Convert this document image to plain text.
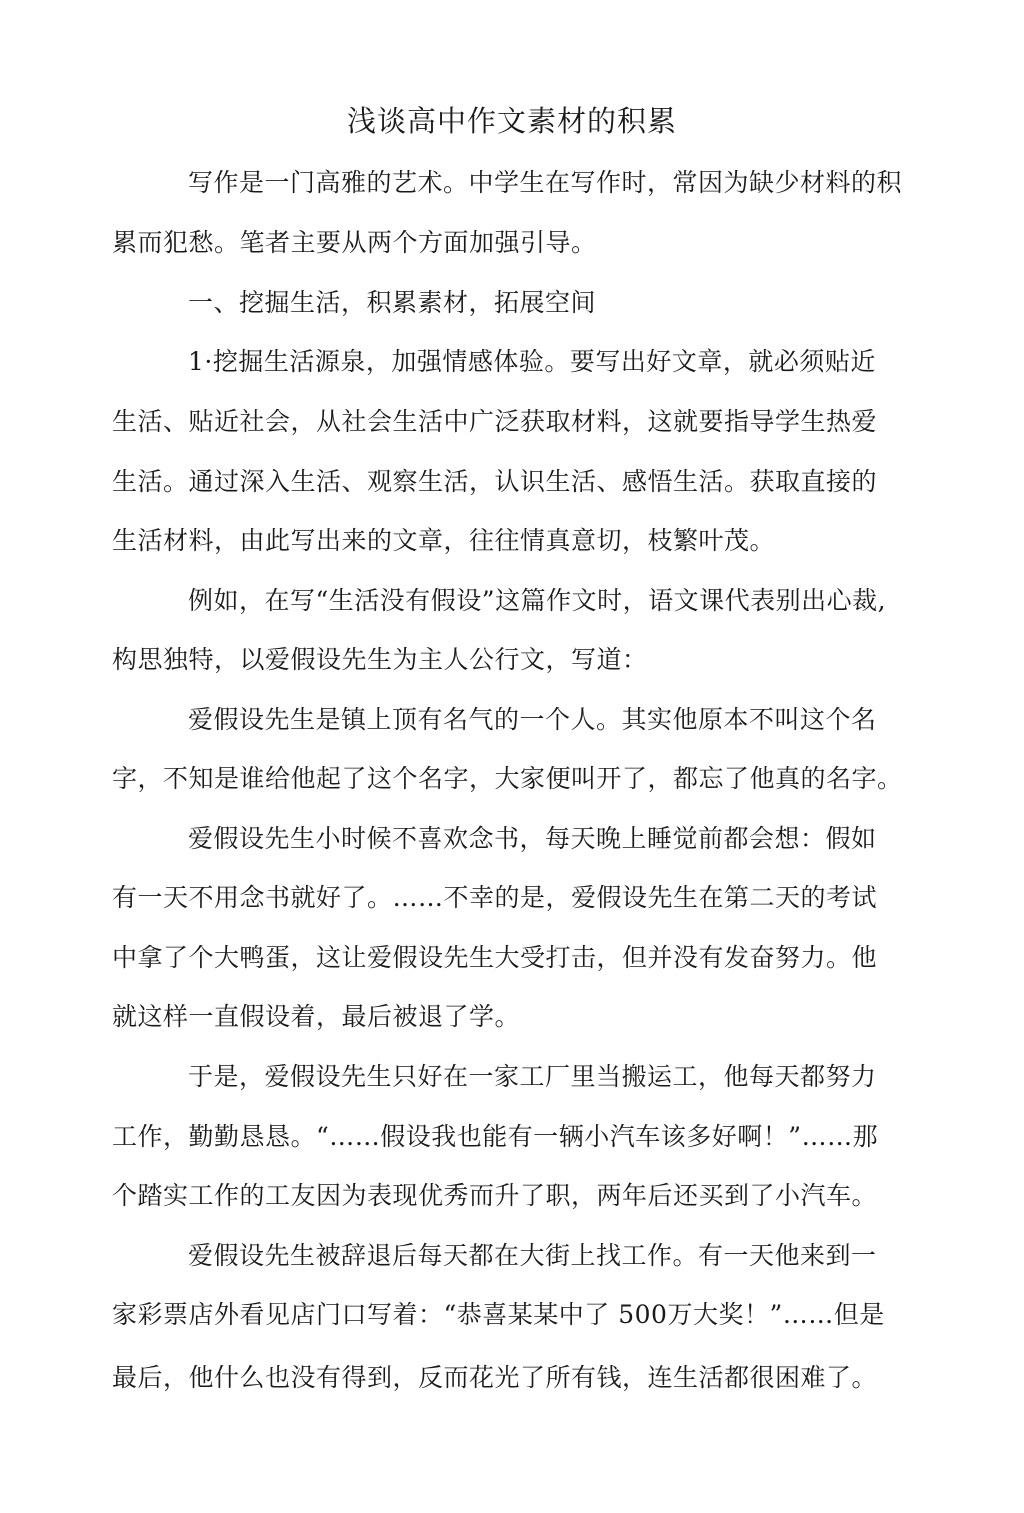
浅谈高中作文素材的积累
写作是一门高雅的艺术。中学生在写作时，常因为缺少材料的积
累而犯愁。笔者主要从两个方面加强引导。
一、挖掘生活，积累素材，拓展空间
1·挖掘生活源泉，加强情感体验。要写出好文章，就必须贴近
生活、贴近社会，从社会生活中广泛获取材料，这就要指导学生热爱
生活。通过深入生活、观察生活，认识生活、感悟生活。获取直接的
生活材料，由此写出来的文章，往往情真意切，枝繁叶茂。
例如，在写“生活没有假设”这篇作文时，语文课代表别出心裁,
构思独特，以爱假设先生为主人公行文，写道：
爱假设先生是镇上顶有名气的一个人。其实他原本不叫这个名
字，不知是谁给他起了这个名字，大家便叫开了，都忘了他真的名字。
爱假设先生小时候不喜欢念书，每天晚上睡觉前都会想：假如
有一天不用念书就好了。……不幸的是，爱假设先生在第二天的考试
中拿了个大鸭蛋，这让爱假设先生大受打击，但并没有发奋努力。他
就这样一直假设着，最后被退了学。
于是，爱假设先生只好在一家工厂里当搬运工，他每天都努力
工作，勤勤恳恳。“……假设我也能有一辆小汽车该多好啊！”……那
个踏实工作的工友因为表现优秀而升了职，两年后还买到了小汽车。
爱假设先生被辞退后每天都在大街上找工作。有一天他来到一
家彩票店外看见店门口写着：“恭喜某某中了 500万大奖！”……但是
最后，他什么也没有得到，反而花光了所有钱，连生活都很困难了。
